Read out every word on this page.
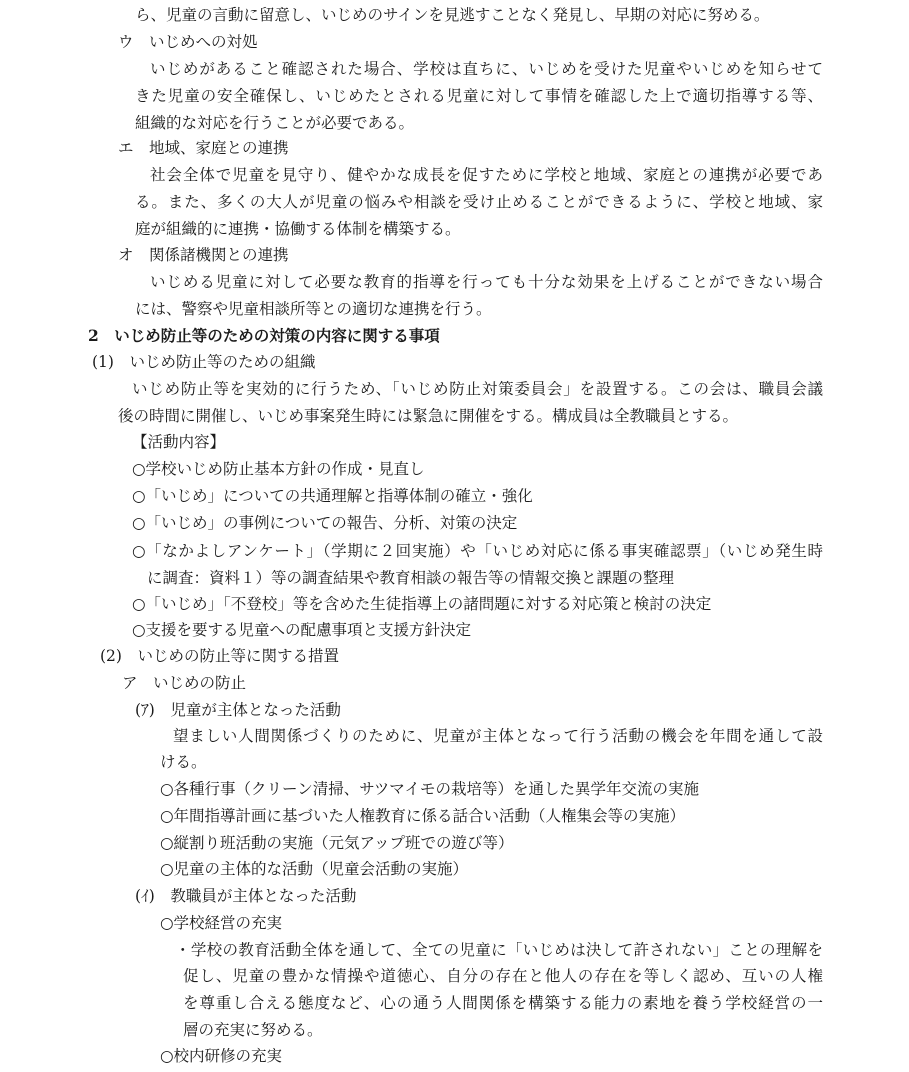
ら、児童の言動に留意し、いじめのサインを見逃すことなく発見し、早期の対応に努める。
ウ　いじめへの対処
いじめがあること確認された場合、学校は直ちに、いじめを受けた児童やいじめを知らせて
きた児童の安全確保し、いじめたとされる児童に対して事情を確認した上で適切指導する等、
組織的な対応を行うことが必要である。
エ　地域、家庭との連携
社会全体で児童を見守り、健やかな成長を促すために学校と地域、家庭との連携が必要であ
る。また、多くの大人が児童の悩みや相談を受け止めることができるように、学校と地域、家
庭が組織的に連携・協働する体制を構築する。
オ　関係諸機関との連携
いじめる児童に対して必要な教育的指導を行っても十分な効果を上げることができない場合
には、警察や児童相談所等との適切な連携を行う。
2　いじめ防止等のための対策の内容に関する事項
(1)　いじめ防止等のための組織
いじめ防止等を実効的に行うため、「いじめ防止対策委員会」を設置する。この会は、職員会議
後の時間に開催し、いじめ事案発生時には緊急に開催をする。構成員は全教職員とする。
【活動内容】
○学校いじめ防止基本方針の作成・見直し
○「いじめ」についての共通理解と指導体制の確立・強化
○「いじめ」の事例についての報告、分析、対策の決定
○「なかよしアンケート」（学期に２回実施）や「いじめ対応に係る事実確認票」（いじめ発生時
に調査：資料１）等の調査結果や教育相談の報告等の情報交換と課題の整理
○「いじめ」「不登校」等を含めた生徒指導上の諸問題に対する対応策と検討の決定
○支援を要する児童への配慮事項と支援方針決定
(2)　いじめの防止等に関する措置
ア　いじめの防止
(ｱ)　児童が主体となった活動
望ましい人間関係づくりのために、児童が主体となって行う活動の機会を年間を通して設
ける。
○各種行事（クリーン清掃、サツマイモの栽培等）を通した異学年交流の実施
○年間指導計画に基づいた人権教育に係る話合い活動（人権集会等の実施）
○縦割り班活動の実施（元気アップ班での遊び等）
○児童の主体的な活動（児童会活動の実施）
(ｲ)　教職員が主体となった活動
○学校経営の充実
・学校の教育活動全体を通して、全ての児童に「いじめは決して許されない」ことの理解を
促し、児童の豊かな情操や道徳心、自分の存在と他人の存在を等しく認め、互いの人権
を尊重し合える態度など、心の通う人間関係を構築する能力の素地を養う学校経営の一
層の充実に努める。
○校内研修の充実
